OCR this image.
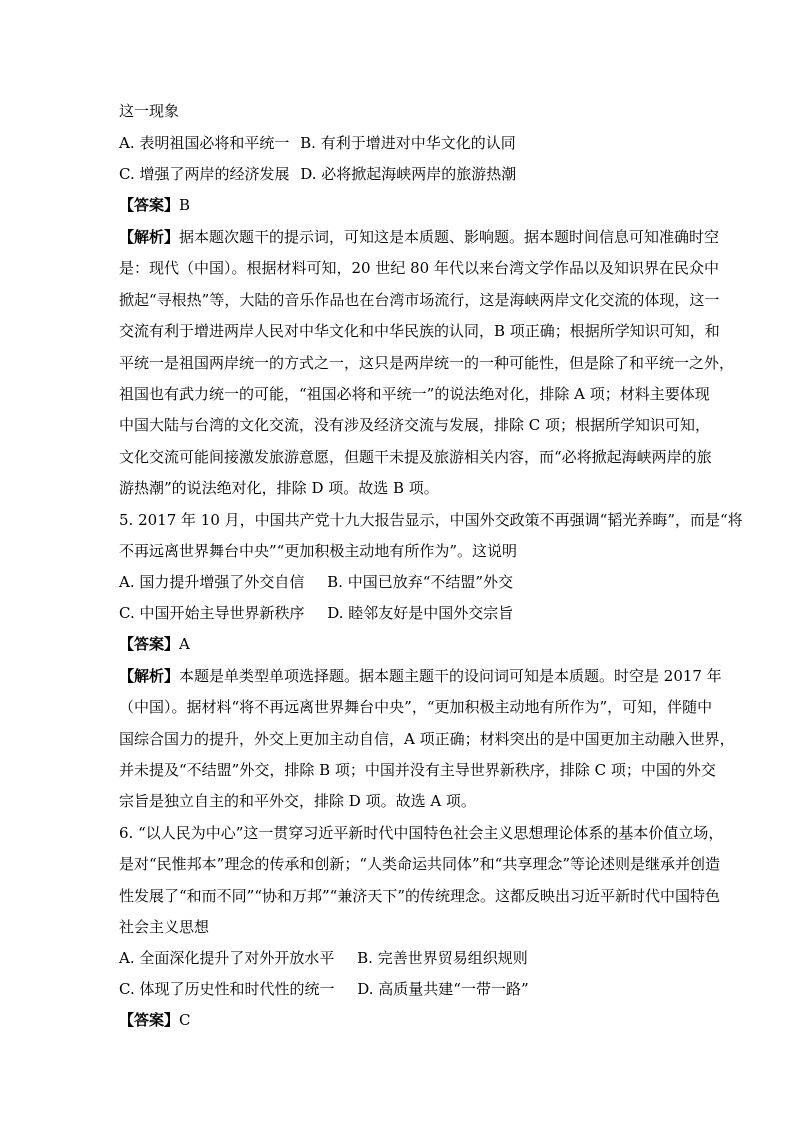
这一现象
A. 表明祖国必将和平统一 B. 有利于增进对中华文化的认同
C. 增强了两岸的经济发展 D. 必将掀起海峡两岸的旅游热潮
【答案】B
【解析】据本题次题干的提示词，可知这是本质题、影响题。据本题时间信息可知准确时空
是：现代（中国）。根据材料可知，20 世纪 80 年代以来台湾文学作品以及知识界在民众中
掀起“寻根热”等，大陆的音乐作品也在台湾市场流行，这是海峡两岸文化交流的体现，这一
交流有利于增进两岸人民对中华文化和中华民族的认同，B 项正确；根据所学知识可知，和
平统一是祖国两岸统一的方式之一，这只是两岸统一的一种可能性，但是除了和平统一之外，
祖国也有武力统一的可能，“祖国必将和平统一”的说法绝对化，排除 A 项；材料主要体现
中国大陆与台湾的文化交流，没有涉及经济交流与发展，排除 C 项；根据所学知识可知，
文化交流可能间接激发旅游意愿，但题干未提及旅游相关内容，而“必将掀起海峡两岸的旅
游热潮”的说法绝对化，排除 D 项。故选 B 项。
5. 2017 年 10 月，中国共产党十九大报告显示，中国外交政策不再强调“韬光养晦”，而是“将
不再远离世界舞台中央”“更加积极主动地有所作为”。这说明
A. 国力提升增强了外交自信 B. 中国已放弃“不结盟”外交
C. 中国开始主导世界新秩序 D. 睦邻友好是中国外交宗旨
【答案】A
【解析】本题是单类型单项选择题。据本题主题干的设问词可知是本质题。时空是 2017 年
（中国）。据材料“将不再远离世界舞台中央”，“更加积极主动地有所作为”，可知，伴随中
国综合国力的提升，外交上更加主动自信，A 项正确；材料突出的是中国更加主动融入世界，
并未提及“不结盟”外交，排除 B 项；中国并没有主导世界新秩序，排除 C 项；中国的外交
宗旨是独立自主的和平外交，排除 D 项。故选 A 项。
6. “以人民为中心”这一贯穿习近平新时代中国特色社会主义思想理论体系的基本价值立场，
是对“民惟邦本”理念的传承和创新；“人类命运共同体”和“共享理念”等论述则是继承并创造
性发展了“和而不同”“协和万邦”“兼济天下”的传统理念。这都反映出习近平新时代中国特色
社会主义思想
A. 全面深化提升了对外开放水平 B. 完善世界贸易组织规则
C. 体现了历史性和时代性的统一 D. 高质量共建“一带一路”
【答案】C
